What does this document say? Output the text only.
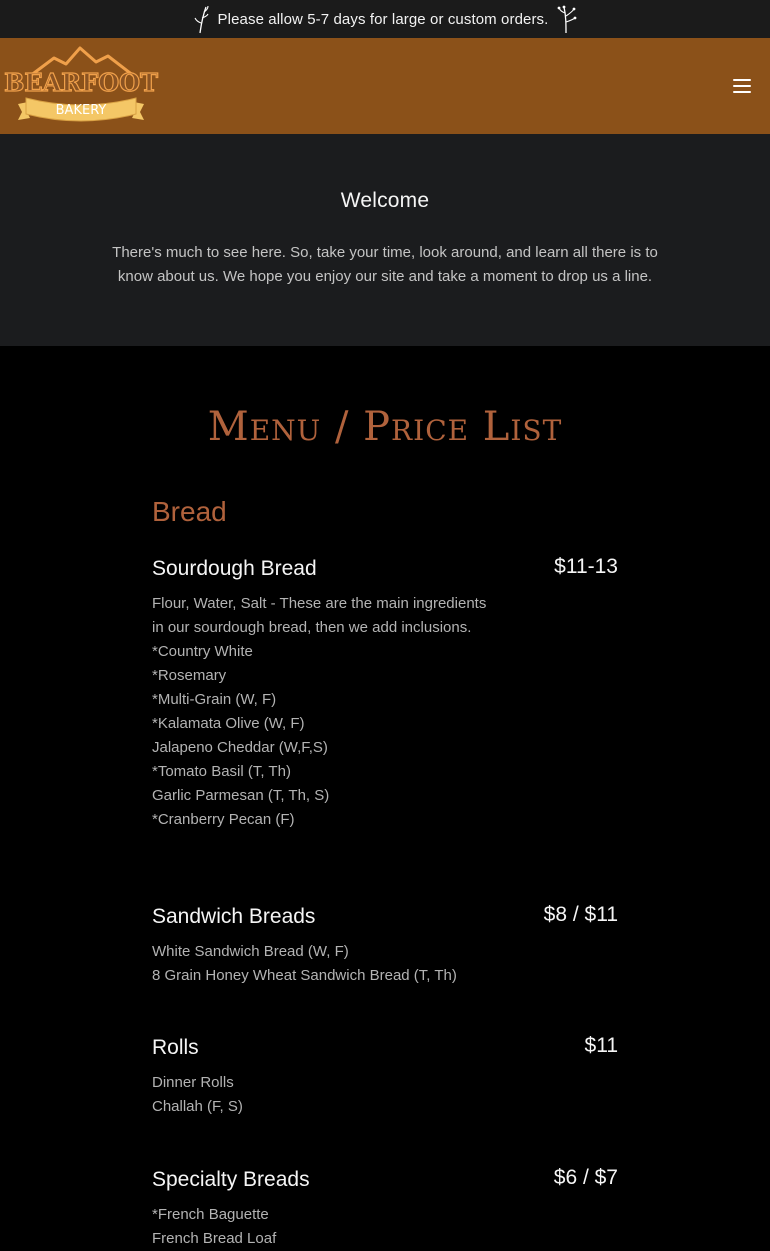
Please allow 5-7 days for large or custom orders.
BEARFOOT
BAKERY
Welcome

There's much to see here. So, take your time, look around, and learn all there is to know about us. We hope you enjoy our site and take a moment to drop us a line.

Menu / Price List
Bread
Sourdough Bread	$11-13
Flour, Water, Salt - These are the main ingredients in our sourdough bread, then we add inclusions.
*Country White
*Rosemary
*Multi-Grain (W, F)
*Kalamata Olive (W, F)
Jalapeno Cheddar (W,F,S)
*Tomato Basil (T, Th)
Garlic Parmesan (T, Th, S)
*Cranberry Pecan (F)
Sandwich Breads	$8 / $11
White Sandwich Bread (W, F)
8 Grain Honey Wheat Sandwich Bread (T, Th)
Rolls	$11
Dinner Rolls
Challah (F, S)
Specialty Breads	$6 / $7
*French Baguette
French Bread Loaf
